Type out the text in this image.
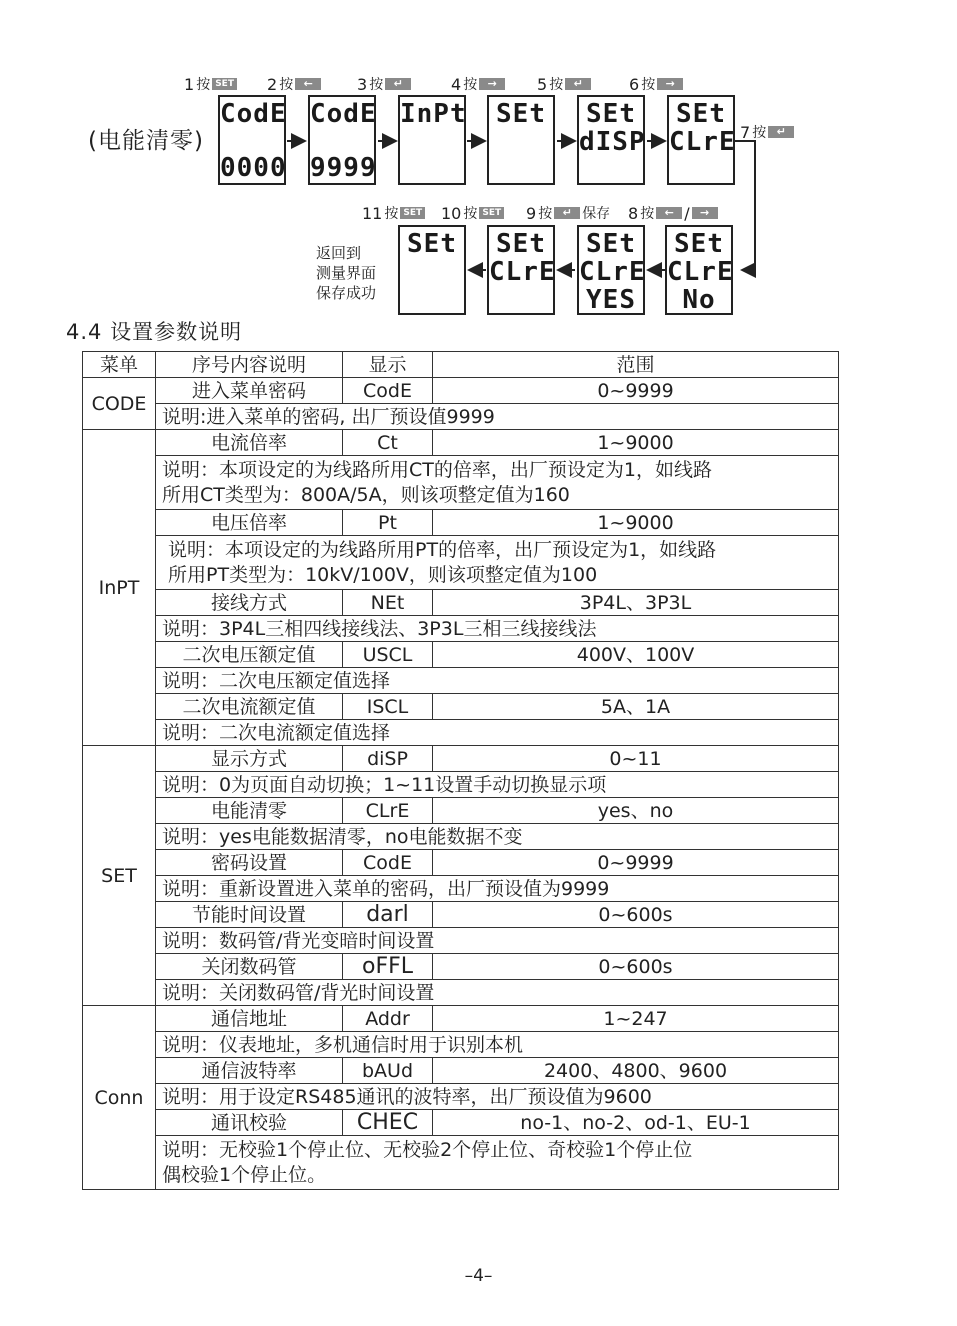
(电能清零)
CodE
0000
CodE
9999
InPt SEt SEt
dISP
SEt
CLrE
SEt SEt
CLrE
SEt
CLrE
YES
SEt
CLrE
No
1 按 SET 2 按 ←	3 按 ↵	4 按 →	5 按 ↵	6 按 →
7 按 ↵
8 按 ← / →
9 按 ↵ 保存
10 按 SET
11 按 SET
返回到
测量界面
保存成功
4.4 设置参数说明
菜单	序号内容说明	显示	范围
CODE	进入菜单密码	CodE	0~9999
	说明:进入菜单的密码, 出厂预设值9999		
InPT	电流倍率	Ct	1~9000

	说明：本项设定的为线路所用CT的倍率，出厂预设定为1，如线路
所用CT类型为：800A/5A，则该项整定值为160		

	电压倍率	Pt	1~9000

	说明：本项设定的为线路所用PT的倍率，出厂预设定为1，如线路
所用PT类型为：10kV/100V，则该项整定值为100		

	接线方式	NEt	3P4L、3P3L
	说明：3P4L三相四线接线法、3P3L三相三线接线法		
	二次电压额定值	USCL	400V、100V
	说明：二次电压额定值选择		
	二次电流额定值	ISCL	5A、1A
	说明：二次电流额定值选择		
SET	显示方式	diSP	0~11
	说明：0为页面自动切换；1~11设置手动切换显示项		
	电能清零	CLrE	yes、no
	说明：yes电能数据清零，no电能数据不变		
	密码设置	CodE	0~9999
	说明：重新设置进入菜单的密码，出厂预设值为9999		
	节能时间设置	darl	0~600s
	说明：数码管/背光变暗时间设置		
	关闭数码管	oFFL	0~600s
	说明：关闭数码管/背光时间设置		
Conn	通信地址	Addr	1~247
	说明：仪表地址，多机通信时用于识别本机		
	通信波特率	bAUd	2400、4800、9600
	说明：用于设定RS485通讯的波特率，出厂预设值为9600		
	通讯校验	CHEC	no-1、no-2、od-1、EU-1

	说明：无校验1个停止位、无校验2个停止位、奇校验1个停止位
偶校验1个停止位。		
–4–
